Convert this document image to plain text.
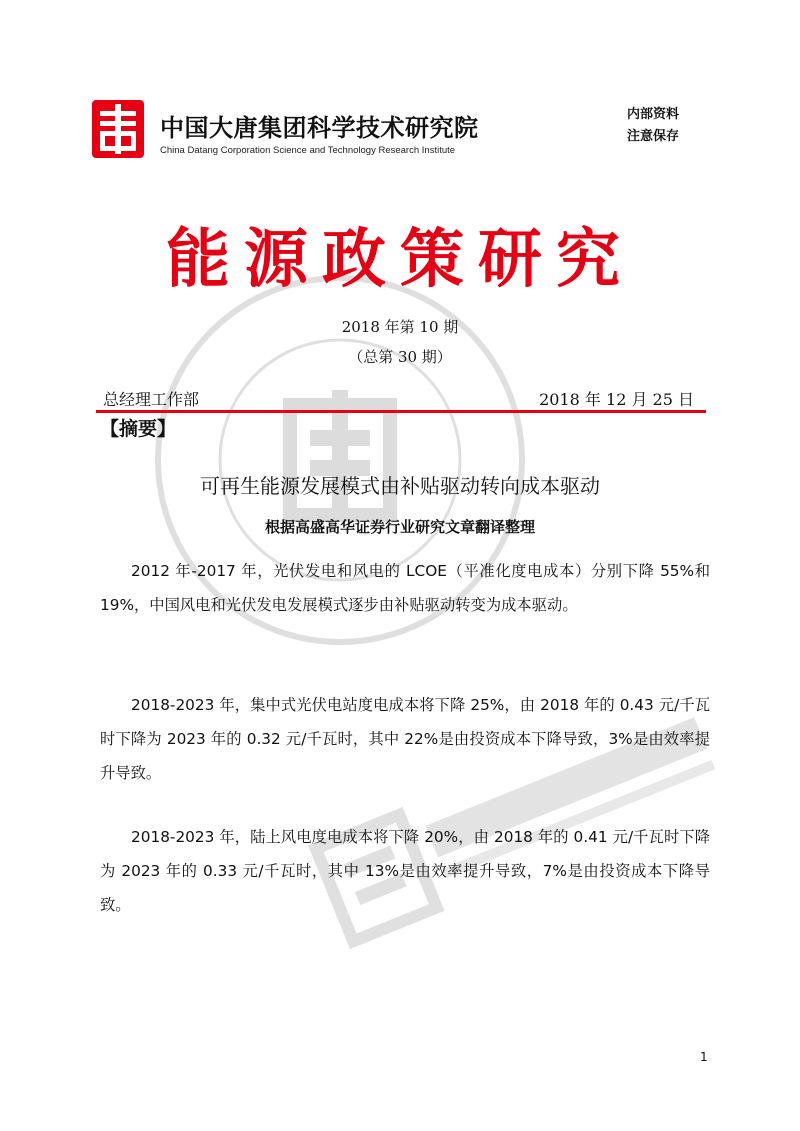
中国大唐集团科学技术研究院
China Datang Corporation Science and Technology Research Institute
内部资料
注意保存
能源政策研究
2018 年第 10 期
（总第 30 期）
总经理工作部	2018 年 12 月 25 日
【摘要】
可再生能源发展模式由补贴驱动转向成本驱动
根据高盛高华证券行业研究文章翻译整理
2012 年-2017 年，光伏发电和风电的 LCOE（平准化度电成本）分别下降 55%和 19%，中国风电和光伏发电发展模式逐步由补贴驱动转变为成本驱动。
2018-2023 年，集中式光伏电站度电成本将下降 25%，由 2018 年的 0.43 元/千瓦时下降为 2023 年的 0.32 元/千瓦时，其中 22%是由投资成本下降导致，3%是由效率提升导致。
2018-2023 年，陆上风电度电成本将下降 20%，由 2018 年的 0.41 元/千瓦时下降为 2023 年的 0.33 元/千瓦时，其中 13%是由效率提升导致，7%是由投资成本下降导致。
1
